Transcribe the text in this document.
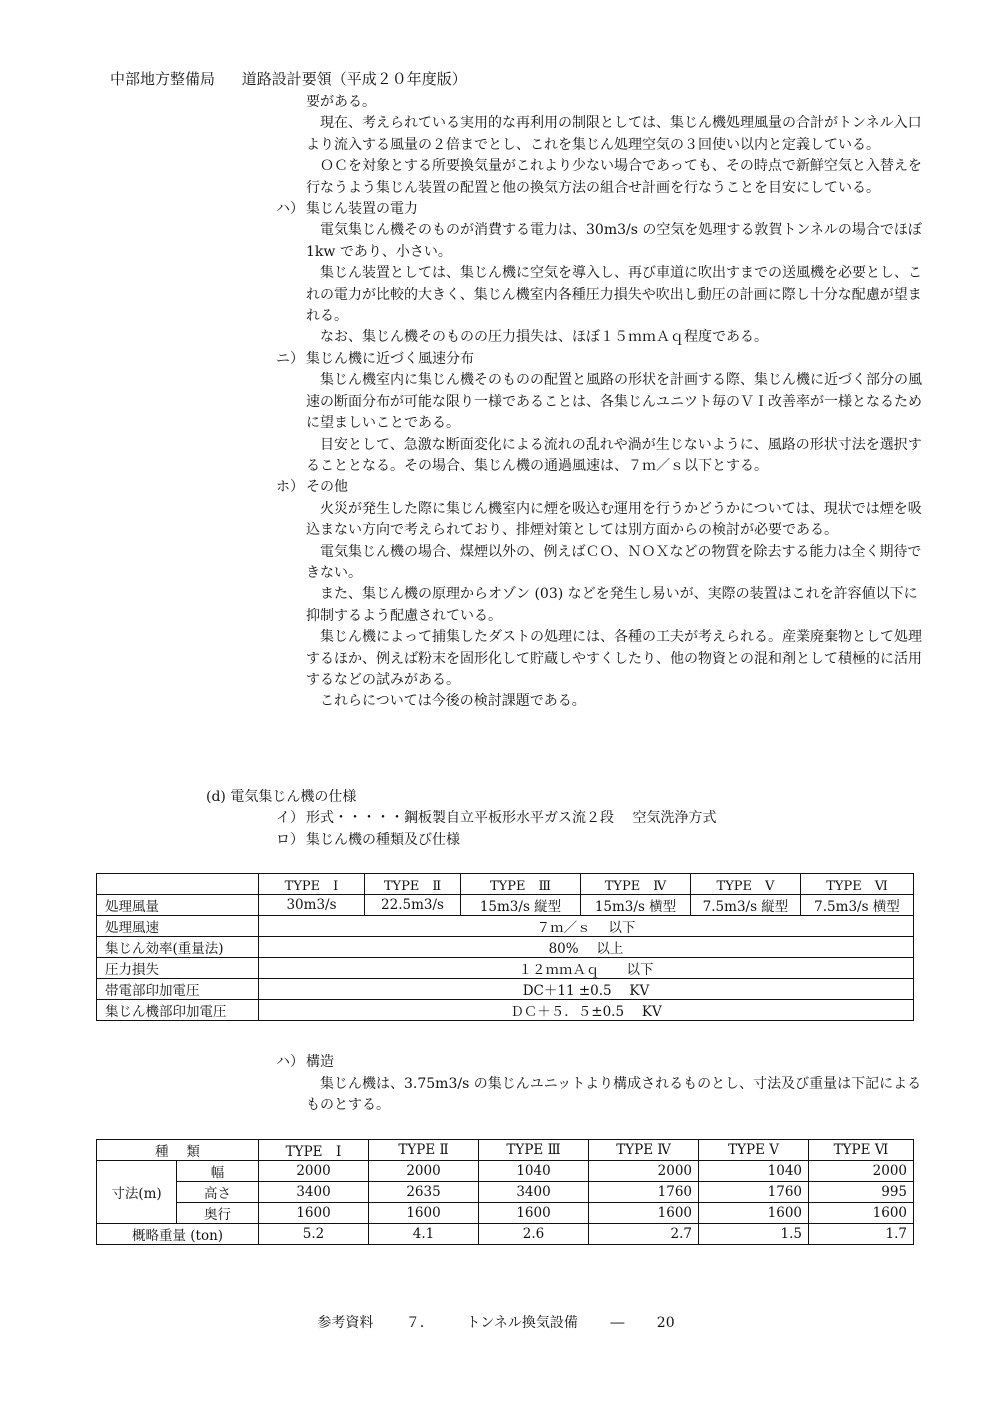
中部地方整備局 道路設計要領（平成２０年度版）

要がある。

現在、考えられている実用的な再利用の制限としては、集じん機処理風量の合計がトンネル入口より流入する風量の２倍までとし、これを集じん処理空気の３回使い以内と定義している。

ＯＣを対象とする所要換気量がこれより少ない場合であっても、その時点で新鮮空気と入替えを行なうよう集じん装置の配置と他の換気方法の組合せ計画を行なうことを目安にしている。

ハ） 集じん装置の電力

電気集じん機そのものが消費する電力は、30m3/s の空気を処理する敦賀トンネルの場合でほぼ 1kw であり、小さい。

集じん装置としては、集じん機に空気を導入し、再び車道に吹出すまでの送風機を必要とし、これの電力が比較的大きく、集じん機室内各種圧力損失や吹出し動圧の計画に際し十分な配慮が望まれる。

なお、集じん機そのものの圧力損失は、ほぼ１５ｍｍＡｑ程度である。

ニ） 集じん機に近づく風速分布

集じん機室内に集じん機そのものの配置と風路の形状を計画する際、集じん機に近づく部分の風速の断面分布が可能な限り一様であることは、各集じんユニツト毎のＶＩ改善率が一様となるために望ましいことである。

目安として、急激な断面変化による流れの乱れや渦が生じないように、風路の形状寸法を選択することとなる。その場合、集じん機の通過風速は、７ｍ／ｓ以下とする。

ホ） その他

火災が発生した際に集じん機室内に煙を吸込む運用を行うかどうかについては、現状では煙を吸込まない方向で考えられており、排煙対策としては別方面からの検討が必要である。

電気集じん機の場合、煤煙以外の、例えばＣＯ、ＮＯＸなどの物質を除去する能力は全く期待できない。

また、集じん機の原理からオゾン (03) などを発生し易いが、実際の装置はこれを許容値以下に抑制するよう配慮されている。

集じん機によって捕集したダストの処理には、各種の工夫が考えられる。産業廃棄物として処理するほか、例えば粉末を固形化して貯蔵しやすくしたり、他の物資との混和剤として積極的に活用するなどの試みがある。

これらについては今後の検討課題である。

(d) 電気集じん機の仕様
イ） 形式・・・・・鋼板製自立平板形水平ガス流２段　 空気洗浄方式
ロ） 集じん機の種類及び仕様
	TYPE　Ⅰ	TYPE　Ⅱ	TYPE　Ⅲ	TYPE　Ⅳ	TYPE　Ⅴ	TYPE　Ⅵ
処理風量	30m3/s	22.5m3/s	15m3/s 縦型	15m3/s 横型	7.5m3/s 縦型	7.5m3/s 横型
処理風速	７ｍ／ｓ　 以下					
集じん効率(重量法)	80%　 以上					
圧力損失	１２ｍｍＡｑ　　以下					
帯電部印加電圧	DC＋11 ±0.5　 KV					
集じん機部印加電圧	ＤＣ＋５．５±0.5　 KV					
ハ） 構造
集じん機は、3.75m3/s の集じんユニットより構成されるものとし、寸法及び重量は下記によるものとする。
種　 類		TYPE　Ⅰ	TYPE Ⅱ	TYPE Ⅲ	TYPE Ⅳ	TYPE Ⅴ	TYPE Ⅵ
寸法(m)	幅	2000	2000	1040	2000	1040	2000
	高さ	3400	2635	3400	1760	1760	995
	奥行	1600	1600	1600	1600	1600	1600
概略重量 (ton)		5.2	4.1	2.6	2.7	1.5	1.7
参考資料 ７． トンネル換気設備 ― 20
